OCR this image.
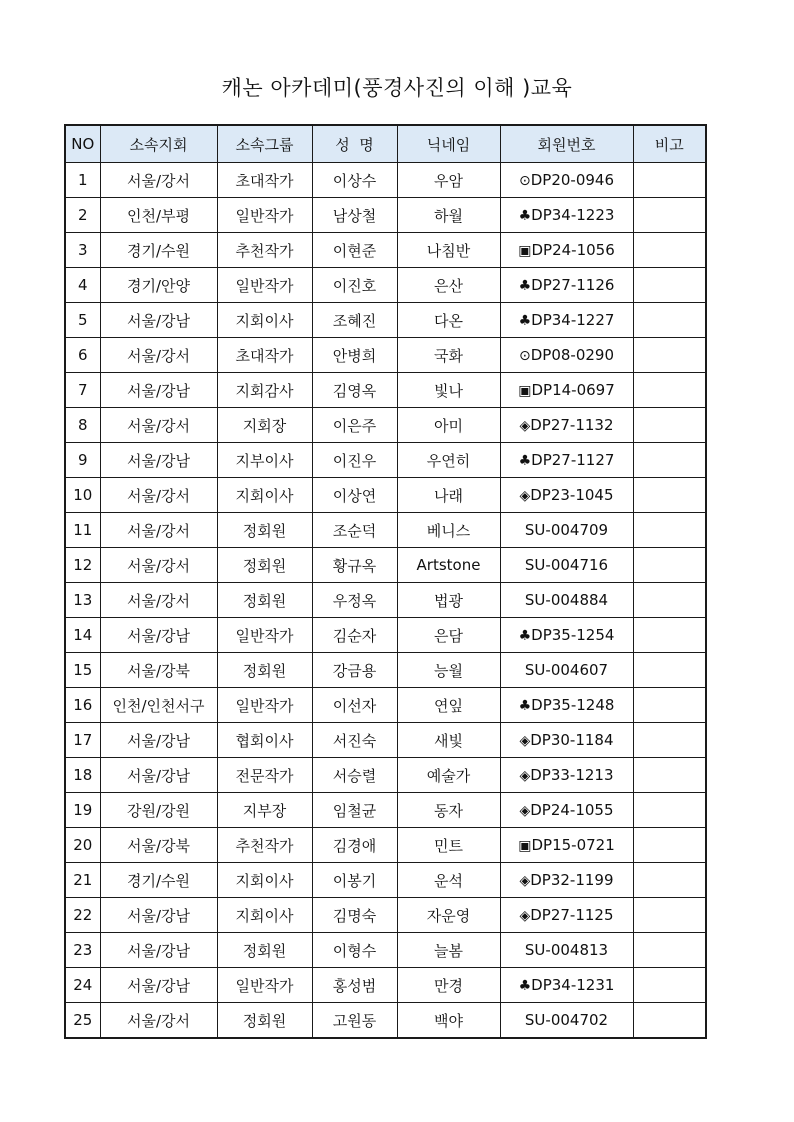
캐논 아카데미(풍경사진의 이해 )교육
NO	소속지회	소속그룹	성  명	닉네임	회원번호	비고
1	서울/강서	초대작가	이상수	우암	⊙DP20-0946	
2	인천/부평	일반작가	남상철	하월	♣DP34-1223	
3	경기/수원	추천작가	이현준	나침반	▣DP24-1056	
4	경기/안양	일반작가	이진호	은산	♣DP27-1126	
5	서울/강남	지회이사	조혜진	다온	♣DP34-1227	
6	서울/강서	초대작가	안병희	국화	⊙DP08-0290	
7	서울/강남	지회감사	김영옥	빛나	▣DP14-0697	
8	서울/강서	지회장	이은주	아미	◈DP27-1132	
9	서울/강남	지부이사	이진우	우연히	♣DP27-1127	
10	서울/강서	지회이사	이상연	나래	◈DP23-1045	
11	서울/강서	정회원	조순덕	베니스	SU-004709	
12	서울/강서	정회원	황규옥	Artstone	SU-004716	
13	서울/강서	정회원	우정옥	법광	SU-004884	
14	서울/강남	일반작가	김순자	은담	♣DP35-1254	
15	서울/강북	정회원	강금용	능월	SU-004607	
16	인천/인천서구	일반작가	이선자	연잎	♣DP35-1248	
17	서울/강남	협회이사	서진숙	새빛	◈DP30-1184	
18	서울/강남	전문작가	서승렬	예술가	◈DP33-1213	
19	강원/강원	지부장	임철균	동자	◈DP24-1055	
20	서울/강북	추천작가	김경애	민트	▣DP15-0721	
21	경기/수원	지회이사	이봉기	운석	◈DP32-1199	
22	서울/강남	지회이사	김명숙	자운영	◈DP27-1125	
23	서울/강남	정회원	이형수	늘봄	SU-004813	
24	서울/강남	일반작가	홍성범	만경	♣DP34-1231	
25	서울/강서	정회원	고원동	백야	SU-004702	
